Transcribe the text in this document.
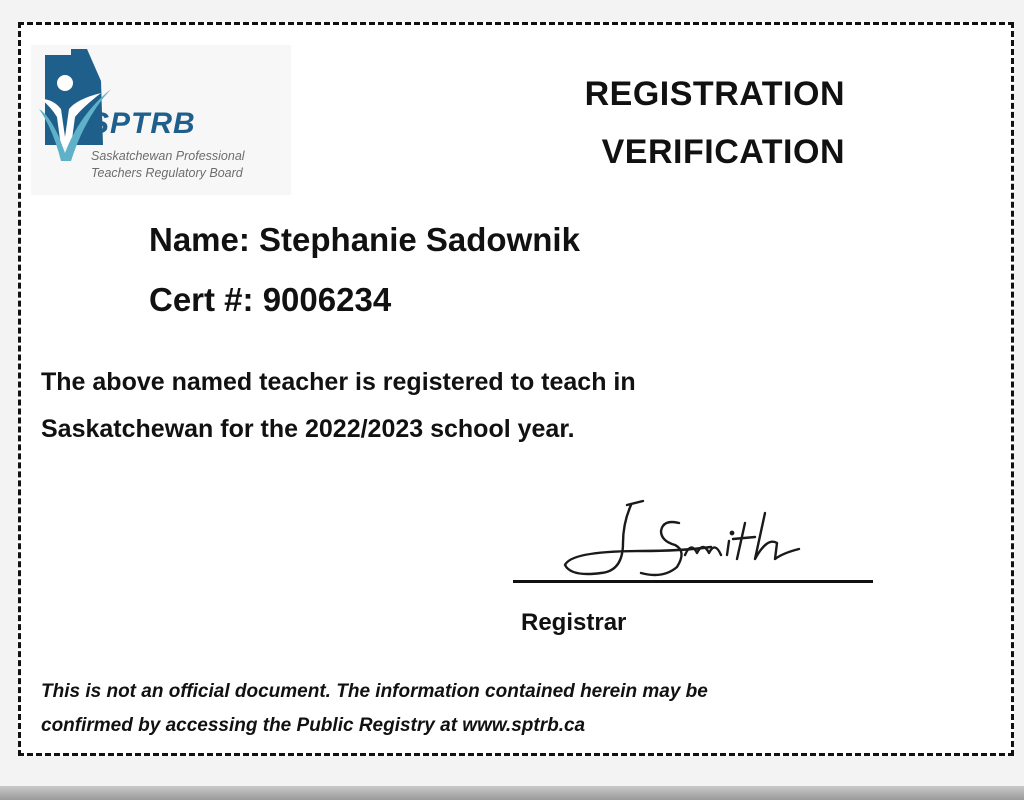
SPTRB
Saskatchewan Professional
Teachers Regulatory Board
REGISTRATION
VERIFICATION
Name: Stephanie Sadownik
Cert #: 9006234
The above named teacher is registered to teach in
Saskatchewan for the 2022/2023 school year.
Registrar
This is not an official document. The information contained herein may be
confirmed by accessing the Public Registry at www.sptrb.ca
